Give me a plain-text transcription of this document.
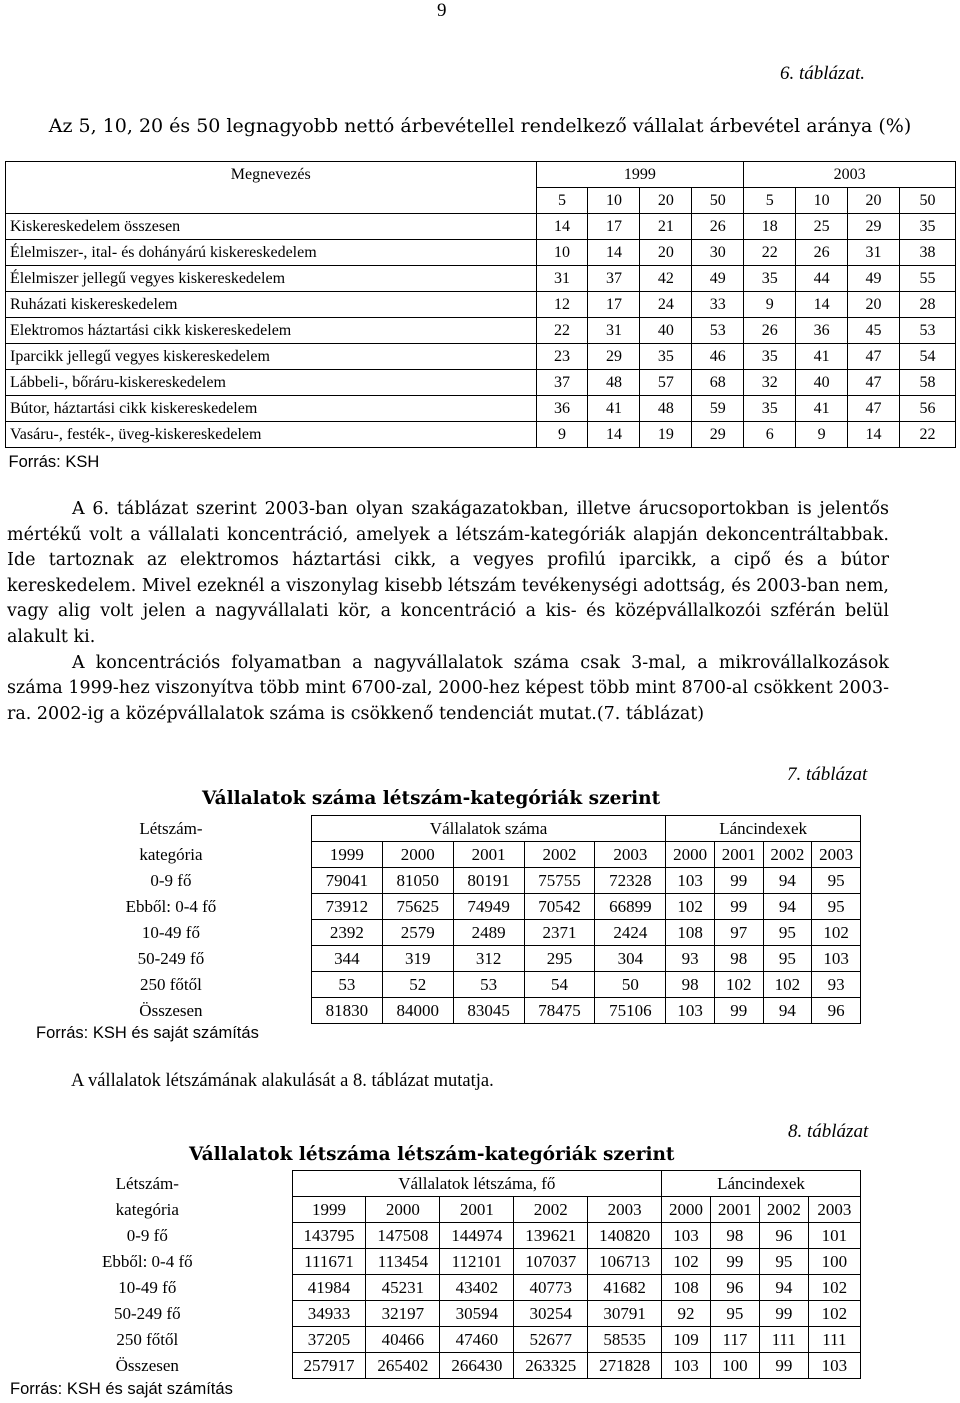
9
6. táblázat.
Az 5, 10, 20 és 50 legnagyobb nettó árbevétellel rendelkező vállalat árbevétel aránya (%)
Megnevezés	1999				2003			
	5	10	20	50	5	10	20	50
Kiskereskedelem összesen	14	17	21	26	18	25	29	35
Élelmiszer-, ital- és dohányárú kiskereskedelem	10	14	20	30	22	26	31	38
Élelmiszer jellegű vegyes kiskereskedelem	31	37	42	49	35	44	49	55
Ruházati kiskereskedelem	12	17	24	33	9	14	20	28
Elektromos háztartási cikk kiskereskedelem	22	31	40	53	26	36	45	53
Iparcikk jellegű vegyes kiskereskedelem	23	29	35	46	35	41	47	54
Lábbeli-, bőráru-kiskereskedelem	37	48	57	68	32	40	47	58
Bútor, háztartási cikk kiskereskedelem	36	41	48	59	35	41	47	56
Vasáru-, festék-, üveg-kiskereskedelem	9	14	19	29	6	9	14	22
Forrás: KSH								

A 6. táblázat szerint 2003-ban olyan szakágazatokban, illetve árucsoportokban is jelentős mértékű volt a vállalati koncentráció, amelyek a létszám-kategóriák alapján dekoncentráltabbak. Ide tartoznak az elektromos háztartási cikk, a vegyes profilú iparcikk, a cipő és a bútor kereskedelem. Mivel ezeknél a viszonylag kisebb létszám tevékenységi adottság, és 2003-ban nem, vagy alig volt jelen a nagyvállalati kör, a koncentráció a kis- és középvállalkozói szférán belül alakult ki.

A koncentrációs folyamatban a nagyvállalatok száma csak 3-mal, a mikrovállalkozások száma 1999-hez viszonyítva több mint 6700-zal, 2000-hez képest több mint 8700-al csökkent 2003-ra. 2002-ig a középvállalatok száma is csökkenő tendenciát mutat.(7. táblázat)

7. táblázat
Vállalatok száma létszám-kategóriák szerint
Létszám-	Vállalatok száma					Láncindexek			
kategória	1999	2000	2001	2002	2003	2000	2001	2002	2003
0-9 fő	79041	81050	80191	75755	72328	103	99	94	95
Ebből: 0-4 fő	73912	75625	74949	70542	66899	102	99	94	95
10-49 fő	2392	2579	2489	2371	2424	108	97	95	102
50-249 fő	344	319	312	295	304	93	98	95	103
250 főtől	53	52	53	54	50	98	102	102	93
Összesen	81830	84000	83045	78475	75106	103	99	94	96
Forrás: KSH és saját számítás
A vállalatok létszámának alakulását a 8. táblázat mutatja.
8. táblázat
Vállalatok létszáma létszám-kategóriák szerint
Létszám-	Vállalatok létszáma, fő					Láncindexek			
kategória	1999	2000	2001	2002	2003	2000	2001	2002	2003
0-9 fő	143795	147508	144974	139621	140820	103	98	96	101
Ebből: 0-4 fő	111671	113454	112101	107037	106713	102	99	95	100
10-49 fő	41984	45231	43402	40773	41682	108	96	94	102
50-249 fő	34933	32197	30594	30254	30791	92	95	99	102
250 főtől	37205	40466	47460	52677	58535	109	117	111	111
Összesen	257917	265402	266430	263325	271828	103	100	99	103
Forrás: KSH és saját számítás
